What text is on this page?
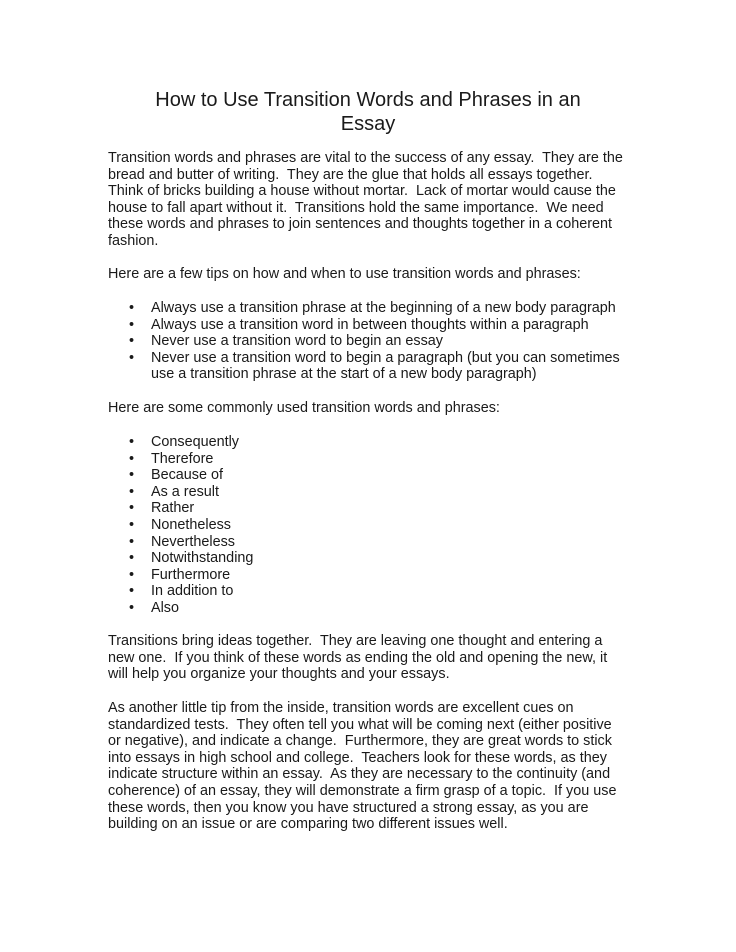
How to Use Transition Words and Phrases in an
Essay

Transition words and phrases are vital to the success of any essay.  They are the
bread and butter of writing.  They are the glue that holds all essays together.
Think of bricks building a house without mortar.  Lack of mortar would cause the
house to fall apart without it.  Transitions hold the same importance.  We need
these words and phrases to join sentences and thoughts together in a coherent
fashion.

Here are a few tips on how and when to use transition words and phrases:

• Always use a transition phrase at the beginning of a new body paragraph
• Always use a transition word in between thoughts within a paragraph
• Never use a transition word to begin an essay
• Never use a transition word to begin a paragraph (but you can sometimes
use a transition phrase at the start of a new body paragraph)

Here are some commonly used transition words and phrases:

• Consequently
• Therefore
• Because of
• As a result
• Rather
• Nonetheless
• Nevertheless
• Notwithstanding
• Furthermore
• In addition to
• Also

Transitions bring ideas together.  They are leaving one thought and entering a
new one.  If you think of these words as ending the old and opening the new, it
will help you organize your thoughts and your essays.

As another little tip from the inside, transition words are excellent cues on
standardized tests.  They often tell you what will be coming next (either positive
or negative), and indicate a change.  Furthermore, they are great words to stick
into essays in high school and college.  Teachers look for these words, as they
indicate structure within an essay.  As they are necessary to the continuity (and
coherence) of an essay, they will demonstrate a firm grasp of a topic.  If you use
these words, then you know you have structured a strong essay, as you are
building on an issue or are comparing two different issues well.
